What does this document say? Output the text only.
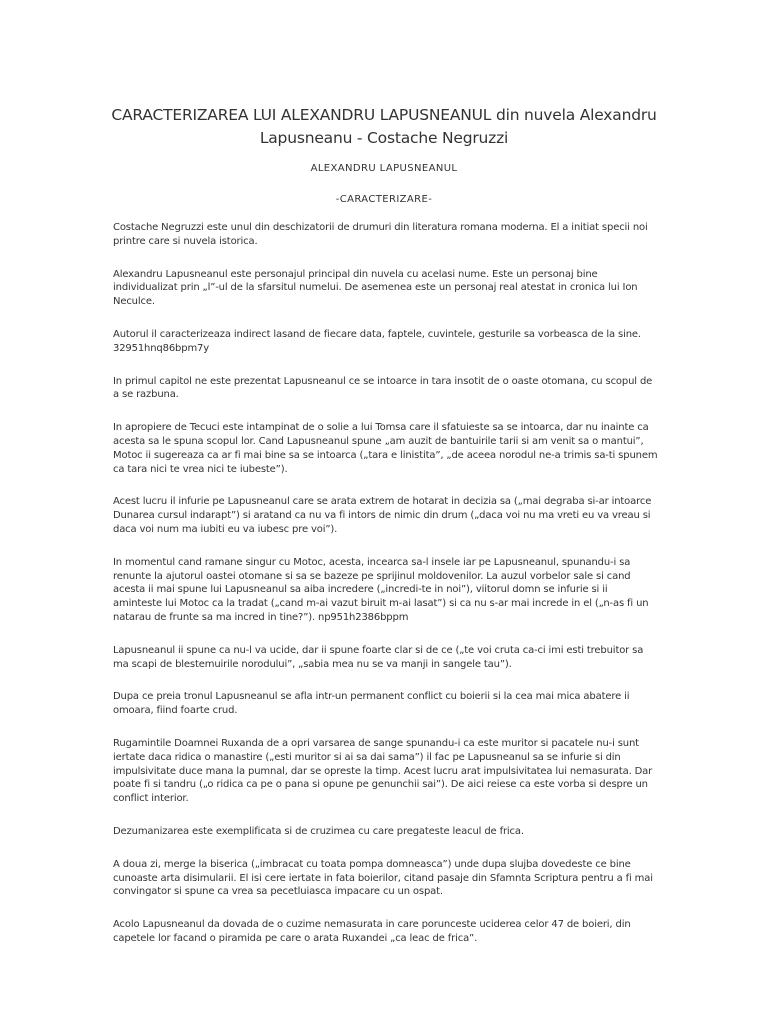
CARACTERIZAREA LUI ALEXANDRU LAPUSNEANUL din nuvela Alexandru Lapusneanu - Costache Negruzzi
ALEXANDRU LAPUSNEANUL
-CARACTERIZARE-

Costache Negruzzi este unul din deschizatorii de drumuri din literatura romana moderna. El a initiat specii noi printre care si nuvela istorica.

Alexandru Lapusneanul este personajul principal din nuvela cu acelasi nume. Este un personaj bine individualizat prin „l”-ul de la sfarsitul numelui. De asemenea este un personaj real atestat in cronica lui Ion Neculce.

Autorul il caracterizeaza indirect lasand de fiecare data, faptele, cuvintele, gesturile sa vorbeasca de la sine. 32951hnq86bpm7y

In primul capitol ne este prezentat Lapusneanul ce se intoarce in tara insotit de o oaste otomana, cu scopul de a se razbuna.

In apropiere de Tecuci este intampinat de o solie a lui Tomsa care il sfatuieste sa se intoarca, dar nu inainte ca acesta sa le spuna scopul lor. Cand Lapusneanul spune „am auzit de bantuirile tarii si am venit sa o mantui”, Motoc ii sugereaza ca ar fi mai bine sa se intoarca („tara e linistita”, „de aceea norodul ne-a trimis sa-ti spunem ca tara nici te vrea nici te iubeste”).

Acest lucru il infurie pe Lapusneanul care se arata extrem de hotarat in decizia sa („mai degraba si-ar intoarce Dunarea cursul indarapt”) si aratand ca nu va fi intors de nimic din drum („daca voi nu ma vreti eu va vreau si daca voi num ma iubiti eu va iubesc pre voi”).

In momentul cand ramane singur cu Motoc, acesta, incearca sa-l insele iar pe Lapusneanul, spunandu-i sa renunte la ajutorul oastei otomane si sa se bazeze pe sprijinul moldovenilor. La auzul vorbelor sale si cand acesta ii mai spune lui Lapusneanul sa aiba incredere („incredi-te in noi”), viitorul domn se infurie si ii aminteste lui Motoc ca la tradat („cand m-ai vazut biruit m-ai lasat”) si ca nu s-ar mai increde in el („n-as fi un natarau de frunte sa ma incred in tine?”). np951h2386bppm

Lapusneanul ii spune ca nu-l va ucide, dar ii spune foarte clar si de ce („te voi cruta ca-ci imi esti trebuitor sa ma scapi de blestemuirile norodului”, „sabia mea nu se va manji in sangele tau”).

Dupa ce preia tronul Lapusneanul se afla intr-un permanent conflict cu boierii si la cea mai mica abatere ii omoara, fiind foarte crud.

Rugamintile Doamnei Ruxanda de a opri varsarea de sange spunandu-i ca este muritor si pacatele nu-i sunt iertate daca ridica o manastire („esti muritor si ai sa dai sama”) il fac pe Lapusneanul sa se infurie si din impulsivitate duce mana la pumnal, dar se opreste la timp. Acest lucru arat impulsivitatea lui nemasurata. Dar poate fi si tandru („o ridica ca pe o pana si opune pe genunchii sai”). De aici reiese ca este vorba si despre un conflict interior.

Dezumanizarea este exemplificata si de cruzimea cu care pregateste leacul de frica.

A doua zi, merge la biserica („imbracat cu toata pompa domneasca”) unde dupa slujba dovedeste ce bine cunoaste arta disimularii. El isi cere iertate in fata boierilor, citand pasaje din Sfamnta Scriptura pentru a fi mai convingator si spune ca vrea sa pecetluiasca impacare cu un ospat.

Acolo Lapusneanul da dovada de o cuzime nemasurata in care porunceste uciderea celor 47 de boieri, din capetele lor facand o piramida pe care o arata Ruxandei „ca leac de frica”.
